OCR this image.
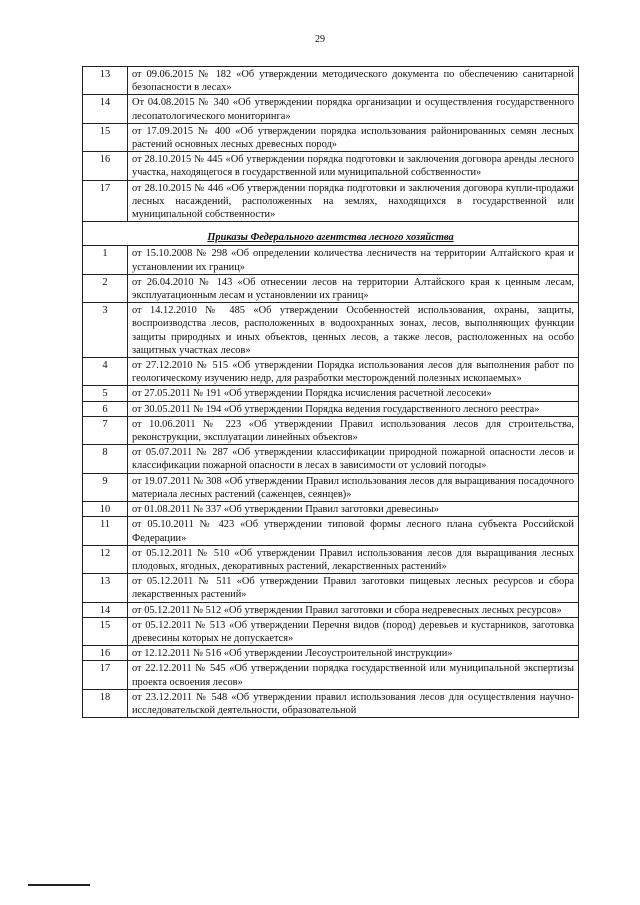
29
13	от 09.06.2015 № 182 «Об утверждении методического документа по обеспечению санитарной безопасности в лесах»
14	От 04.08.2015 № 340 «Об утверждении порядка организации и осуществления государственного лесопатологического мониторинга»
15	от 17.09.2015 № 400 «Об утверждении порядка использования районированных семян лесных растений основных лесных древесных пород»
16	от 28.10.2015 № 445 «Об утверждении порядка подготовки и заключения договора аренды лесного участка, находящегося в государственной или муниципальной собственности»
17	от 28.10.2015 № 446 «Об утверждении порядка подготовки и заключения договора купли-продажи лесных насаждений, расположенных на землях, находящихся в государственной или муниципальной собственности»
Приказы Федерального агентства лесного хозяйства	
1	от 15.10.2008 № 298 «Об определении количества лесничеств на территории Алтайского края и установлении их границ»
2	от 26.04.2010 № 143 «Об отнесении лесов на территории Алтайского края к ценным лесам, эксплуатационным лесам и установлении их границ»
3	от 14.12.2010 № 485 «Об утверждении Особенностей использования, охраны, защиты, воспроизводства лесов, расположенных в водоохранных зонах, лесов, выполняющих функции защиты природных и иных объектов, ценных лесов, а также лесов, расположенных на особо защитных участках лесов»
4	от 27.12.2010 № 515 «Об утверждении Порядка использования лесов для выполнения работ по геологическому изучению недр, для разработки месторождений полезных ископаемых»
5	от 27.05.2011 № 191 «Об утверждении Порядка исчисления расчетной лесосеки»
6	от 30.05.2011 № 194 «Об утверждении Порядка ведения государственного лесного реестра»
7	от 10.06.2011 № 223 «Об утверждении Правил использования лесов для строительства, реконструкции, эксплуатации линейных объектов»
8	от 05.07.2011 № 287 «Об утверждении классификации природной пожарной опасности лесов и классификации пожарной опасности в лесах в зависимости от условий погоды»
9	от 19.07.2011 № 308 «Об утверждении Правил использования лесов для выращивания посадочного материала лесных растений (саженцев, сеянцев)»
10	от 01.08.2011 № 337 «Об утверждении Правил заготовки древесины»
11	от 05.10.2011 № 423 «Об утверждении типовой формы лесного плана субъекта Российской Федерации»
12	от 05.12.2011 № 510 «Об утверждении Правил использования лесов для выращивания лесных плодовых, ягодных, декоративных растений, лекарственных растений»
13	от 05.12.2011 № 511 «Об утверждении Правил заготовки пищевых лесных ресурсов и сбора лекарственных растений»
14	от 05.12.2011 № 512 «Об утверждении Правил заготовки и сбора недревесных лесных ресурсов»
15	от 05.12.2011 № 513 «Об утверждении Перечня видов (пород) деревьев и кустарников, заготовка древесины которых не допускается»
16	от 12.12.2011 № 516 «Об утверждении Лесоустроительной инструкции»
17	от 22.12.2011 № 545 «Об утверждении порядка государственной или муниципальной экспертизы проекта освоения лесов»
18	от 23.12.2011 № 548 «Об утверждении правил использования лесов для осуществления научно-исследовательской деятельности, образовательной
